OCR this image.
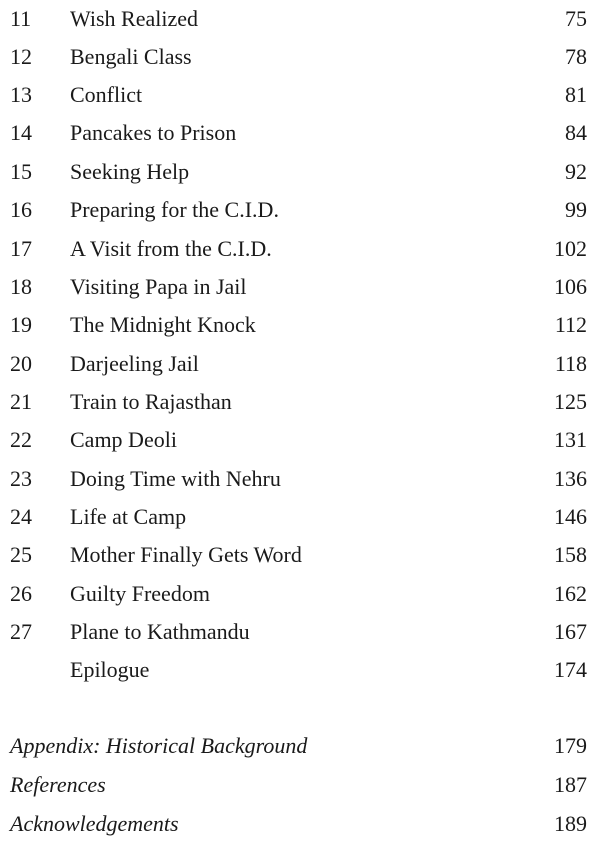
11	Wish Realized	75
12	Bengali Class	78
13	Conflict	81
14	Pancakes to Prison	84
15	Seeking Help	92
16	Preparing for the C.I.D.	99
17	A Visit from the C.I.D.	102
18	Visiting Papa in Jail	106
19	The Midnight Knock	112
20	Darjeeling Jail	118
21	Train to Rajasthan	125
22	Camp Deoli	131
23	Doing Time with Nehru	136
24	Life at Camp	146
25	Mother Finally Gets Word	158
26	Guilty Freedom	162
27	Plane to Kathmandu	167
Epilogue	174
Appendix: Historical Background	179
References	187
Acknowledgements	189
